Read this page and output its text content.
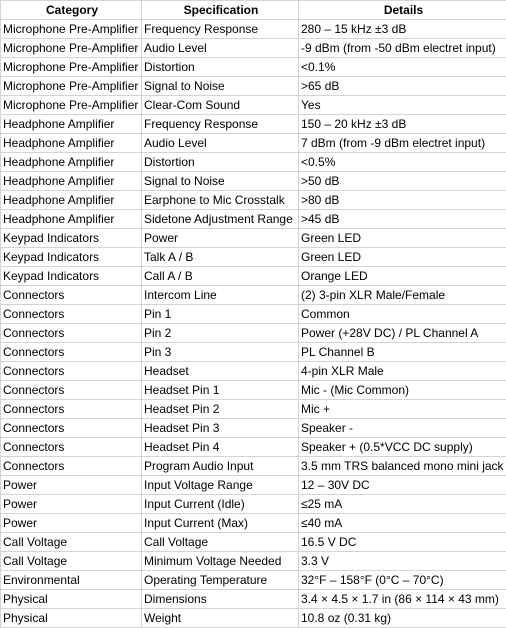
Category	Specification	Details
Microphone Pre-Amplifier	Frequency Response	280 – 15 kHz ±3 dB
Microphone Pre-Amplifier	Audio Level	-9 dBm (from -50 dBm electret input)
Microphone Pre-Amplifier	Distortion	<0.1%
Microphone Pre-Amplifier	Signal to Noise	>65 dB
Microphone Pre-Amplifier	Clear-Com Sound	Yes
Headphone Amplifier	Frequency Response	150 – 20 kHz ±3 dB
Headphone Amplifier	Audio Level	7 dBm (from -9 dBm electret input)
Headphone Amplifier	Distortion	<0.5%
Headphone Amplifier	Signal to Noise	>50 dB
Headphone Amplifier	Earphone to Mic Crosstalk	>80 dB
Headphone Amplifier	Sidetone Adjustment Range	>45 dB
Keypad Indicators	Power	Green LED
Keypad Indicators	Talk A / B	Green LED
Keypad Indicators	Call A / B	Orange LED
Connectors	Intercom Line	(2) 3-pin XLR Male/Female
Connectors	Pin 1	Common
Connectors	Pin 2	Power (+28V DC) / PL Channel A
Connectors	Pin 3	PL Channel B
Connectors	Headset	4-pin XLR Male
Connectors	Headset Pin 1	Mic - (Mic Common)
Connectors	Headset Pin 2	Mic +
Connectors	Headset Pin 3	Speaker -
Connectors	Headset Pin 4	Speaker + (0.5*VCC DC supply)
Connectors	Program Audio Input	3.5 mm TRS balanced mono mini jack
Power	Input Voltage Range	12 – 30V DC
Power	Input Current (Idle)	≤25 mA
Power	Input Current (Max)	≤40 mA
Call Voltage	Call Voltage	16.5 V DC
Call Voltage	Minimum Voltage Needed	3.3 V
Environmental	Operating Temperature	32°F – 158°F (0°C – 70°C)
Physical	Dimensions	3.4 × 4.5 × 1.7 in (86 × 114 × 43 mm)
Physical	Weight	10.8 oz (0.31 kg)
